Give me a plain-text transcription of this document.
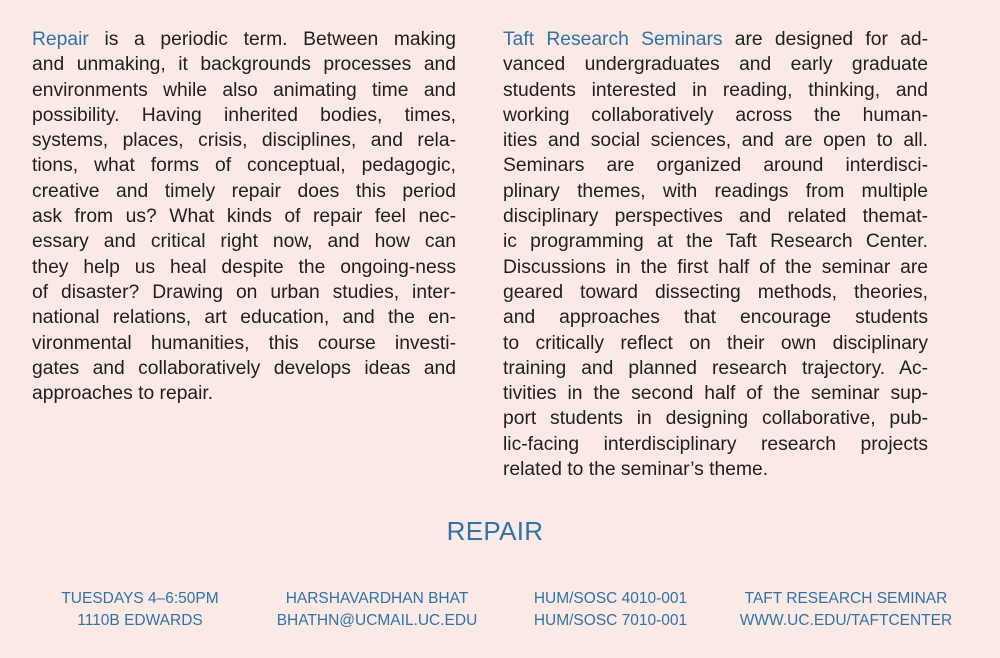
Repair is a periodic term. Between making
and unmaking, it backgrounds processes and
environments while also animating time and
possibility. Having inherited bodies, times,
systems, places, crisis, disciplines, and rela-
tions, what forms of conceptual, pedagogic,
creative and timely repair does this period
ask from us? What kinds of repair feel nec-
essary and critical right now, and how can
they help us heal despite the ongoing-ness
of disaster? Drawing on urban studies, inter-
national relations, art education, and the en-
vironmental humanities, this course investi-
gates and collaboratively develops ideas and
approaches to repair.
Taft Research Seminars are designed for ad-
vanced undergraduates and early graduate
students interested in reading, thinking, and
working collaboratively across the human-
ities and social sciences, and are open to all.
Seminars are organized around interdisci-
plinary themes, with readings from multiple
disciplinary perspectives and related themat-
ic programming at the Taft Research Center.
Discussions in the first half of the seminar are
geared toward dissecting methods, theories,
and approaches that encourage students
to critically reflect on their own disciplinary
training and planned research trajectory. Ac-
tivities in the second half of the seminar sup-
port students in designing collaborative, pub-
lic-facing interdisciplinary research projects
related to the seminar’s theme.
REPAIR
TUESDAYS 4–6:50PM
1110B EDWARDS
HARSHAVARDHAN BHAT
BHATHN@UCMAIL.UC.EDU
HUM/SOSC 4010-001
HUM/SOSC 7010-001
TAFT RESEARCH SEMINAR
WWW.UC.EDU/TAFTCENTER
